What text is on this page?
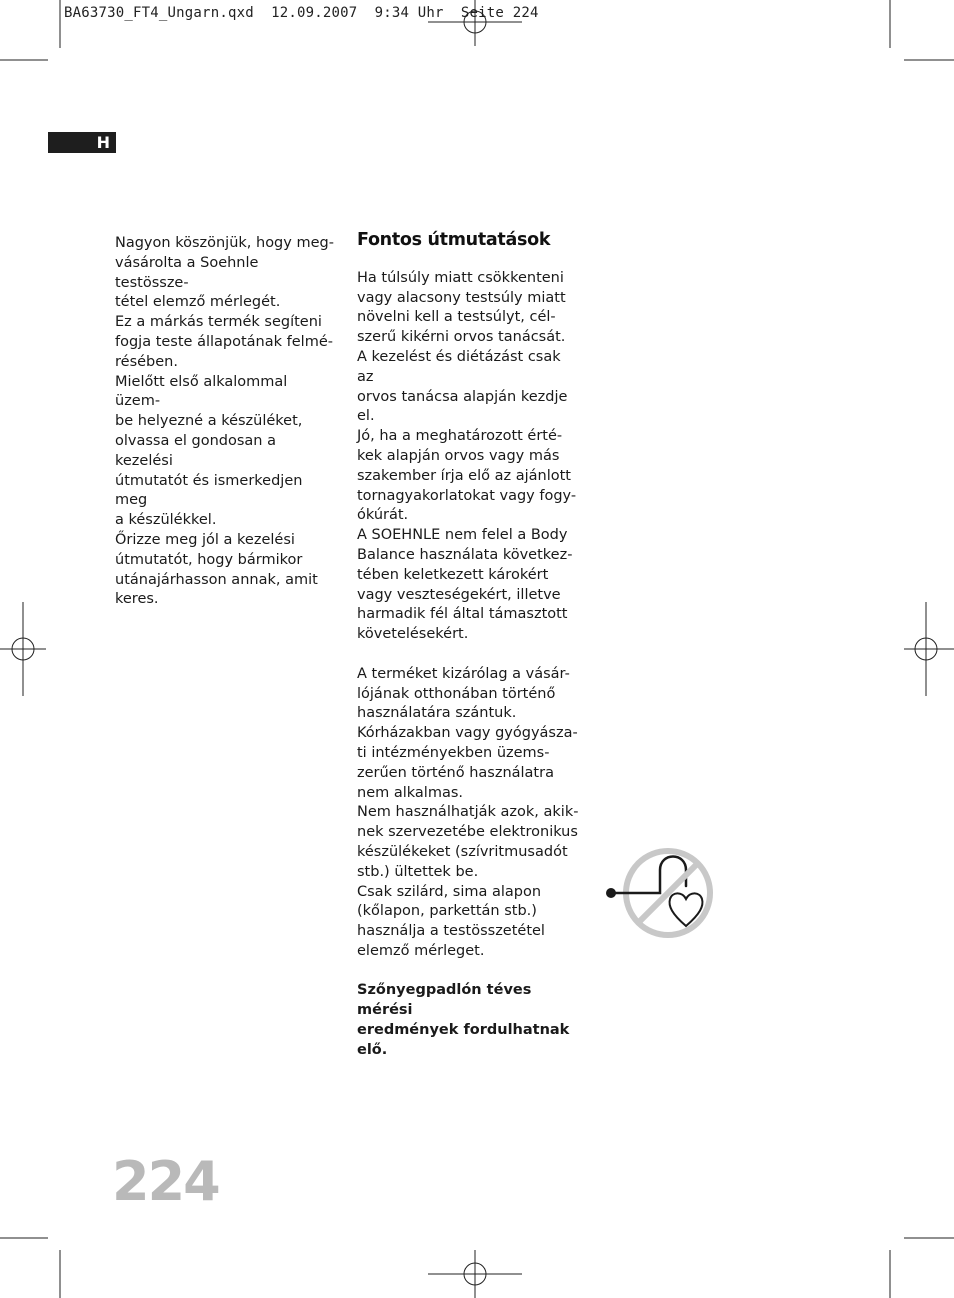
BA63730_FT4_Ungarn.qxd  12.09.2007  9:34 Uhr  Seite 224
H

Nagyon köszönjük, hogy meg-
vásárolta a Soehnle testössze-
tétel elemző mérlegét.

Ez a márkás termék segíteni
fogja teste állapotának felmé-
résében.

Mielőtt első alkalommal üzem-
be helyezné a készüléket,
olvassa el gondosan a kezelési
útmutatót és ismerkedjen meg
a készülékkel.

Őrizze meg jól a kezelési
útmutatót, hogy bármikor
utánajárhasson annak, amit
keres.

Fontos útmutatások

Ha túlsúly miatt csökkenteni
vagy alacsony testsúly miatt
növelni kell a testsúlyt, cél-
szerű kikérni orvos tanácsát.

A kezelést és diétázást csak az
orvos tanácsa alapján kezdje
el.

Jó, ha a meghatározott érté-
kek alapján orvos vagy más
szakember írja elő az ajánlott
tornagyakorlatokat vagy fogy-
ókúrát.

A SOEHNLE nem felel a Body
Balance használata következ-
tében keletkezett károkért
vagy veszteségekért, illetve
harmadik fél által támasztott
követelésekért.

A terméket kizárólag a vásár-
lójának otthonában történő
használatára szántuk.

Kórházakban vagy gyógyásza-
ti intézményekben üzems-
zerűen történő használatra
nem alkalmas.

Nem használhatják azok, akik-
nek szervezetébe elektronikus
készülékeket (szívritmusadót
stb.) ültettek be.

Csak szilárd, sima alapon
(kőlapon, parkettán stb.)
használja a testösszetétel
elemző mérleget.

Szőnyegpadlón téves mérési
eredmények fordulhatnak elő.

224
